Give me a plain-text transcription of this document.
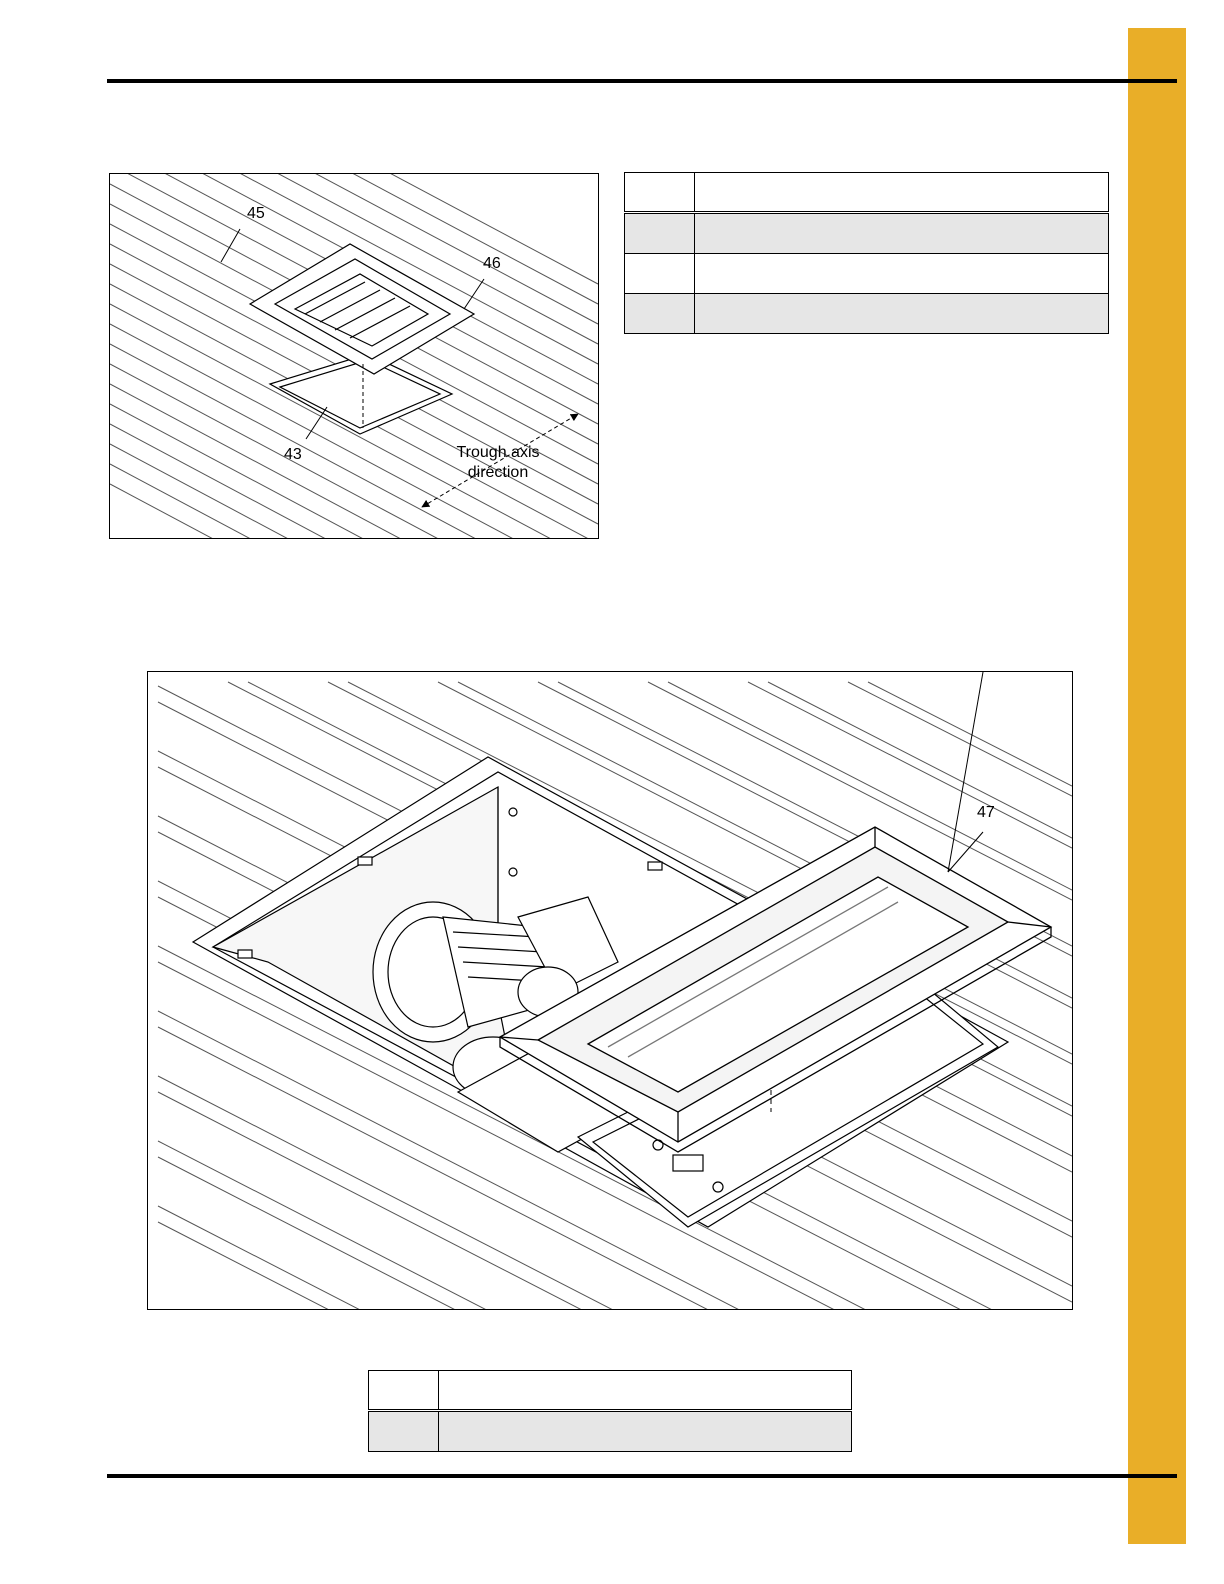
45
46
43	Trough axis
direction

47
